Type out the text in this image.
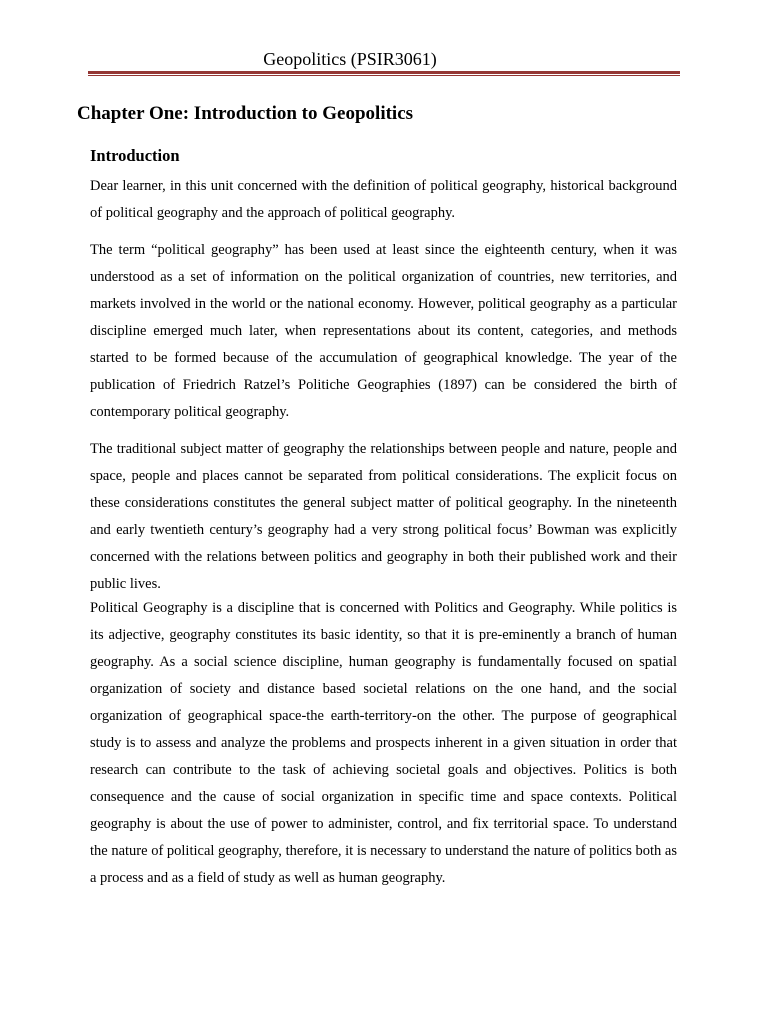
Geopolitics (PSIR3061)
Chapter One: Introduction to Geopolitics
Introduction

Dear learner, in this unit concerned with the definition of political geography, historical background of political geography and the approach of political geography.

The term “political geography” has been used at least since the eighteenth century, when it was understood as a set of information on the political organization of countries, new territories, and markets involved in the world or the national economy. However, political geography as a particular discipline emerged much later, when representations about its content, categories, and methods started to be formed because of the accumulation of geographical knowledge. The year of the publication of Friedrich Ratzel’s Politiche Geographies (1897) can be considered the birth of contemporary political geography.

The traditional subject matter of geography the relationships between people and nature, people and space, people and places cannot be separated from political considerations. The explicit focus on these considerations constitutes the general subject matter of political geography. In the nineteenth and early twentieth century’s geography had a very strong political focus’ Bowman was explicitly concerned with the relations between politics and geography in both their published work and their public lives.

Political Geography is a discipline that is concerned with Politics and Geography. While politics is its adjective, geography constitutes its basic identity, so that it is pre-eminently a branch of human geography. As a social science discipline, human geography is fundamentally focused on spatial organization of society and distance based societal relations on the one hand, and the social organization of geographical space-the earth-territory-on the other. The purpose of geographical study is to assess and analyze the problems and prospects inherent in a given situation in order that research can contribute to the task of achieving societal goals and objectives. Politics is both consequence and the cause of social organization in specific time and space contexts. Political geography is about the use of power to administer, control, and fix territorial space. To understand the nature of political geography, therefore, it is necessary to understand the nature of politics both as a process and as a field of study as well as human geography.
